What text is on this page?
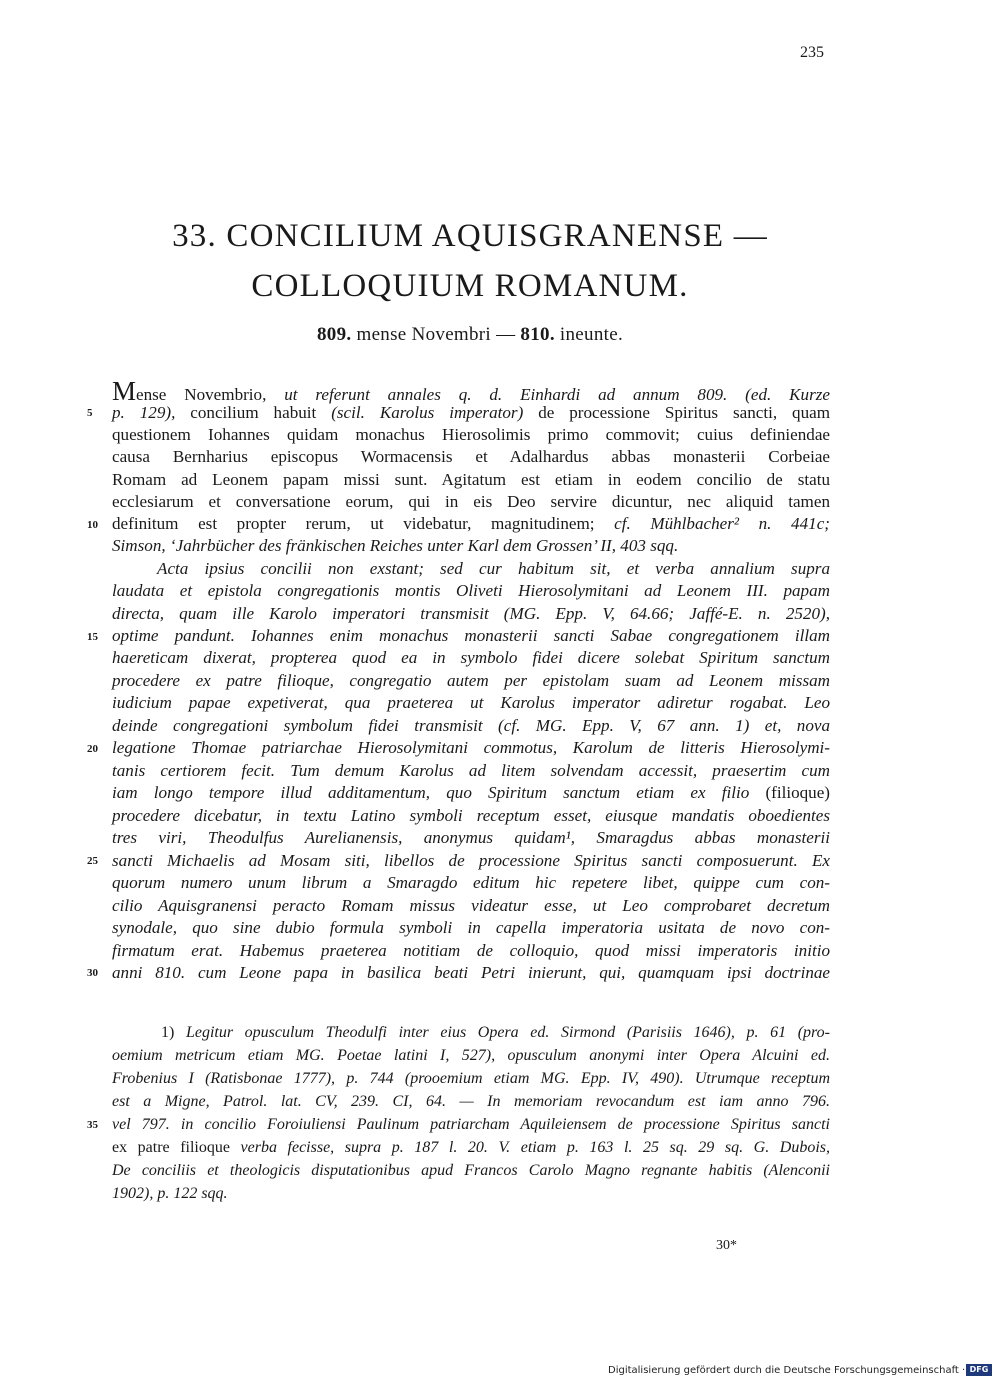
235
33. CONCILIUM AQUISGRANENSE —
COLLOQUIUM ROMANUM.
809. mense Novembri — 810. ineunte.
Mense Novembrio, ut referunt annales q. d. Einhardi ad annum 809. (ed. Kurze
p. 129), concilium habuit (scil. Karolus imperator) de processione Spiritus sancti, quam
questionem Iohannes quidam monachus Hierosolimis primo commovit; cuius definiendae
causa Bernharius episcopus Wormacensis et Adalhardus abbas monasterii Corbeiae
Romam ad Leonem papam missi sunt. Agitatum est etiam in eodem concilio de statu
ecclesiarum et conversatione eorum, qui in eis Deo servire dicuntur, nec aliquid tamen
definitum est propter rerum, ut videbatur, magnitudinem; cf. Mühlbacher² n. 441c;
Simson, ‘Jahrbücher des fränkischen Reiches unter Karl dem Grossen’ II, 403 sqq.
Acta ipsius concilii non exstant; sed cur habitum sit, et verba annalium supra
laudata et epistola congregationis montis Oliveti Hierosolymitani ad Leonem III. papam
directa, quam ille Karolo imperatori transmisit (MG. Epp. V, 64.66; Jaffé-E. n. 2520),
optime pandunt. Iohannes enim monachus monasterii sancti Sabae congregationem illam
haereticam dixerat, propterea quod ea in symbolo fidei dicere solebat Spiritum sanctum
procedere ex patre filioque, congregatio autem per epistolam suam ad Leonem missam
iudicium papae expetiverat, qua praeterea ut Karolus imperator adiretur rogabat. Leo
deinde congregationi symbolum fidei transmisit (cf. MG. Epp. V, 67 ann. 1) et, nova
legatione Thomae patriarchae Hierosolymitani commotus, Karolum de litteris Hierosolymi-
tanis certiorem fecit. Tum demum Karolus ad litem solvendam accessit, praesertim cum
iam longo tempore illud additamentum, quo Spiritum sanctum etiam ex filio (filioque)
procedere dicebatur, in textu Latino symboli receptum esset, eiusque mandatis oboedientes
tres viri, Theodulfus Aurelianensis, anonymus quidam¹, Smaragdus abbas monasterii
sancti Michaelis ad Mosam siti, libellos de processione Spiritus sancti composuerunt. Ex
quorum numero unum librum a Smaragdo editum hic repetere libet, quippe cum con-
cilio Aquisgranensi peracto Romam missus videatur esse, ut Leo comprobaret decretum
synodale, quo sine dubio formula symboli in capella imperatoria usitata de novo con-
firmatum erat. Habemus praeterea notitiam de colloquio, quod missi imperatoris initio
anni 810. cum Leone papa in basilica beati Petri inierunt, qui, quamquam ipsi doctrinae
1) Legitur opusculum Theodulfi inter eius Opera ed. Sirmond (Parisiis 1646), p. 61 (pro-
oemium metricum etiam MG. Poetae latini I, 527), opusculum anonymi inter Opera Alcuini ed.
Frobenius I (Ratisbonae 1777), p. 744 (prooemium etiam MG. Epp. IV, 490). Utrumque receptum
est a Migne, Patrol. lat. CV, 239. CI, 64. — In memoriam revocandum est iam anno 796.
vel 797. in concilio Foroiuliensi Paulinum patriarcham Aquileiensem de processione Spiritus sancti
ex patre filioque verba fecisse, supra p. 187 l. 20. V. etiam p. 163 l. 25 sq. 29 sq. G. Dubois,
De conciliis et theologicis disputationibus apud Francos Carolo Magno regnante habitis (Alenconii
1902), p. 122 sqq.
5
10
15
20
25
30
35
30*
Digitalisierung gefördert durch die Deutsche Forschungsgemeinschaft · DFG
